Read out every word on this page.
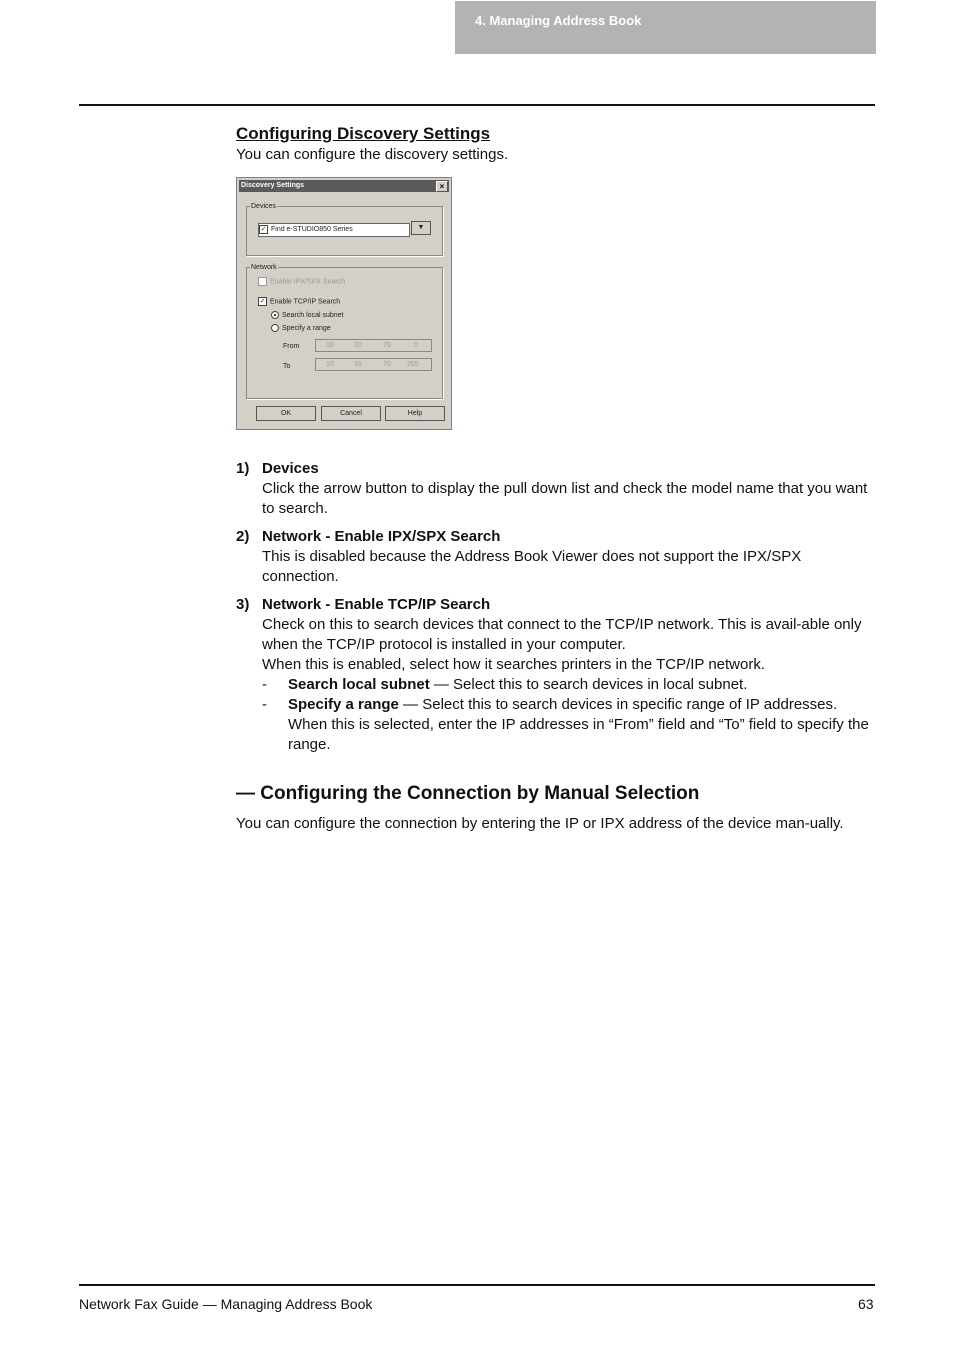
4. Managing Address Book

Configuring Discovery Settings

You can configure the discovery settings.

Discovery Settings	×
Devices
✓ Find e-STUDIO850 Series	▼
Network
Enable IPX/SPX Search
✓ Enable TCP/IP Search
Search local subnet
Specify a range
From	10	10	70	0
To	10	10	70 255
OK	Cancel	Help
1) Devices
Click the arrow button to display the pull down list and check the model name that you want to search.
2) Network - Enable IPX/SPX Search
This is disabled because the Address Book Viewer does not support the IPX/SPX connection.
3) Network - Enable TCP/IP Search
Check on this to search devices that connect to the TCP/IP network. This is avail-able only when the TCP/IP protocol is installed in your computer.
When this is enabled, select how it searches printers in the TCP/IP network.
- Search local subnet — Select this to search devices in local subnet.
- Specify a range — Select this to search devices in specific range of IP addresses. When this is selected, enter the IP addresses in “From” field and “To” field to specify the range.
— Configuring the Connection by Manual Selection

You can configure the connection by entering the IP or IPX address of the device man-ually.

Network Fax Guide — Managing Address Book	63
